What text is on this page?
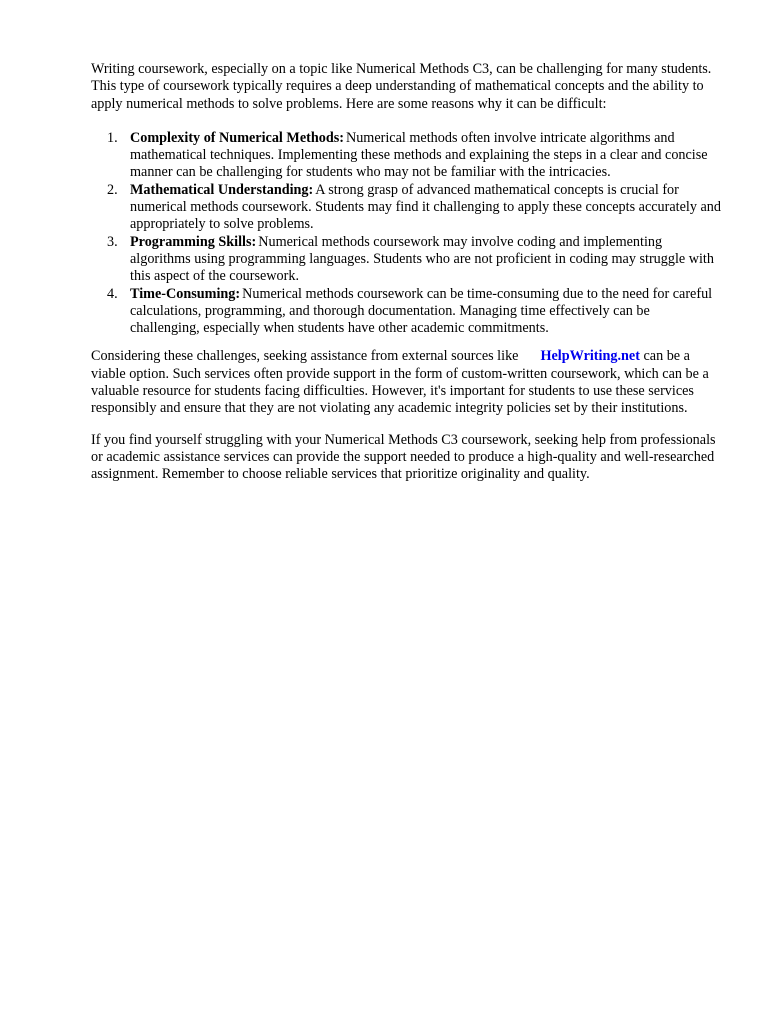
Writing coursework, especially on a topic like Numerical Methods C3, can be challenging for many students. This type of coursework typically requires a deep understanding of mathematical concepts and the ability to apply numerical methods to solve problems. Here are some reasons why it can be difficult:

1. Complexity of Numerical Methods: Numerical methods often involve intricate algorithms and mathematical techniques. Implementing these methods and explaining the steps in a clear and concise manner can be challenging for students who may not be familiar with the intricacies.
2. Mathematical Understanding: A strong grasp of advanced mathematical concepts is crucial for numerical methods coursework. Students may find it challenging to apply these concepts accurately and appropriately to solve problems.
3. Programming Skills: Numerical methods coursework may involve coding and implementing algorithms using programming languages. Students who are not proficient in coding may struggle with this aspect of the coursework.
4. Time-Consuming: Numerical methods coursework can be time-consuming due to the need for careful calculations, programming, and thorough documentation. Managing time effectively can be challenging, especially when students have other academic commitments.

Considering these challenges, seeking assistance from external sources like HelpWriting.net can be a viable option. Such services often provide support in the form of custom-written coursework, which can be a valuable resource for students facing difficulties. However, it's important for students to use these services responsibly and ensure that they are not violating any academic integrity policies set by their institutions.

If you find yourself struggling with your Numerical Methods C3 coursework, seeking help from professionals or academic assistance services can provide the support needed to produce a high-quality and well-researched assignment. Remember to choose reliable services that prioritize originality and quality.
